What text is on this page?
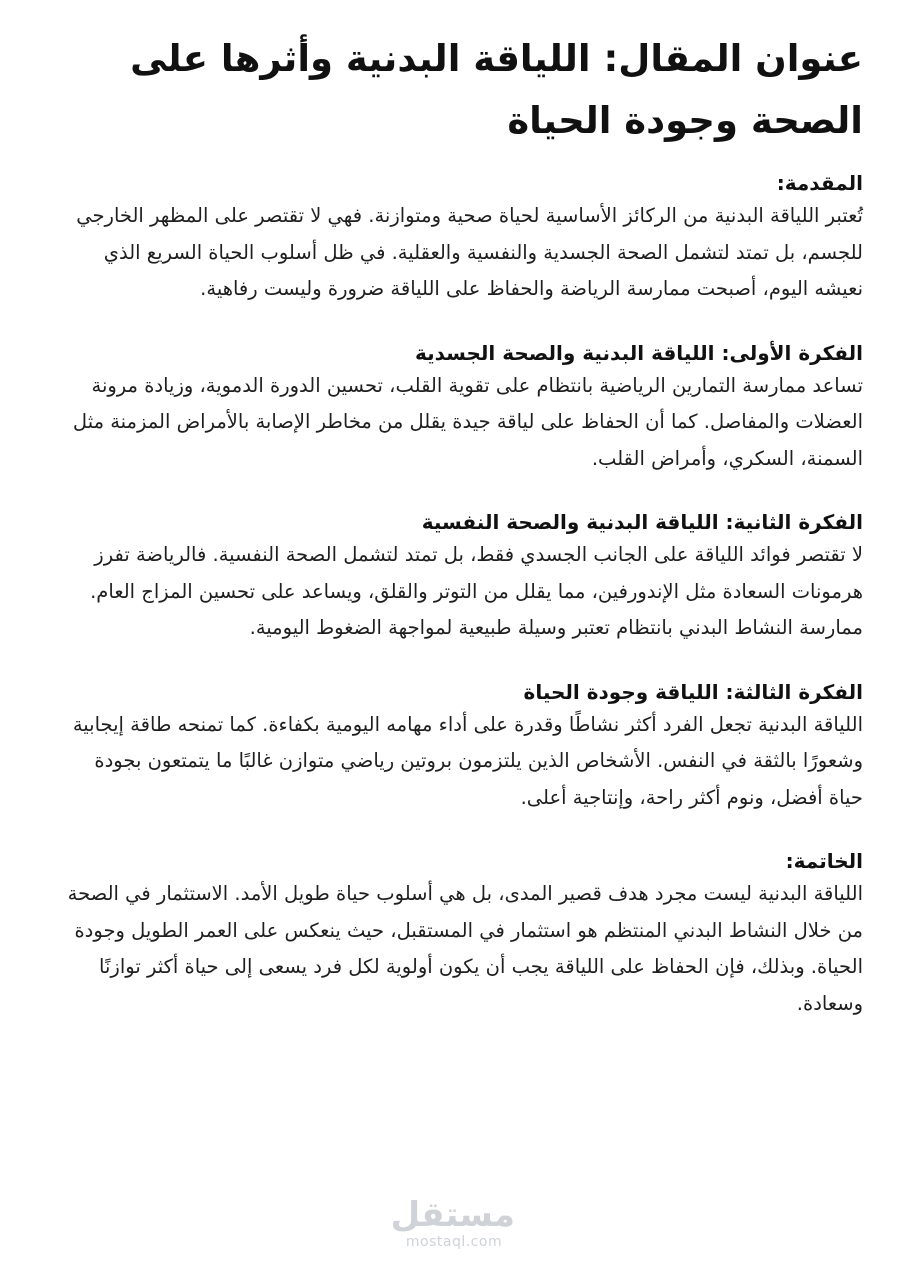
عنوان المقال: اللياقة البدنية وأثرها على الصحة وجودة الحياة
المقدمة:

تُعتبر اللياقة البدنية من الركائز الأساسية لحياة صحية ومتوازنة. فهي لا تقتصر على المظهر الخارجي للجسم، بل تمتد لتشمل الصحة الجسدية والنفسية والعقلية. في ظل أسلوب الحياة السريع الذي نعيشه اليوم، أصبحت ممارسة الرياضة والحفاظ على اللياقة ضرورة وليست رفاهية.

الفكرة الأولى: اللياقة البدنية والصحة الجسدية

تساعد ممارسة التمارين الرياضية بانتظام على تقوية القلب، تحسين الدورة الدموية، وزيادة مرونة العضلات والمفاصل. كما أن الحفاظ على لياقة جيدة يقلل من مخاطر الإصابة بالأمراض المزمنة مثل السمنة، السكري، وأمراض القلب.

الفكرة الثانية: اللياقة البدنية والصحة النفسية

لا تقتصر فوائد اللياقة على الجانب الجسدي فقط، بل تمتد لتشمل الصحة النفسية. فالرياضة تفرز هرمونات السعادة مثل الإندورفين، مما يقلل من التوتر والقلق، ويساعد على تحسين المزاج العام. ممارسة النشاط البدني بانتظام تعتبر وسيلة طبيعية لمواجهة الضغوط اليومية.

الفكرة الثالثة: اللياقة وجودة الحياة

اللياقة البدنية تجعل الفرد أكثر نشاطًا وقدرة على أداء مهامه اليومية بكفاءة. كما تمنحه طاقة إيجابية وشعورًا بالثقة في النفس. الأشخاص الذين يلتزمون بروتين رياضي متوازن غالبًا ما يتمتعون بجودة حياة أفضل، ونوم أكثر راحة، وإنتاجية أعلى.

الخاتمة:

اللياقة البدنية ليست مجرد هدف قصير المدى، بل هي أسلوب حياة طويل الأمد. الاستثمار في الصحة من خلال النشاط البدني المنتظم هو استثمار في المستقبل، حيث ينعكس على العمر الطويل وجودة الحياة. وبذلك، فإن الحفاظ على اللياقة يجب أن يكون أولوية لكل فرد يسعى إلى حياة أكثر توازنًا وسعادة.

مستقل
mostaql.com
